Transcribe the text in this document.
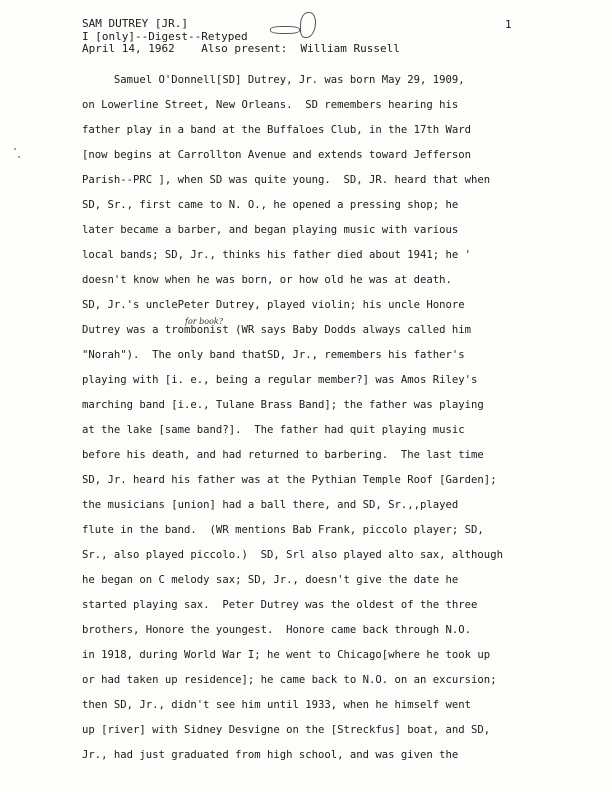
SAM DUTREY [JR.]
I [only]--Digest--Retyped
April 14, 1962    Also present:  William Russell
1
for book?
Samuel O'Donnell[SD] Dutrey, Jr. was born May 29, 1909,
on Lowerline Street, New Orleans.  SD remembers hearing his
father play in a band at the Buffaloes Club, in the 17th Ward
[now begins at Carrollton Avenue and extends toward Jefferson
Parish--PRC ], when SD was quite young.  SD, JR. heard that when
SD, Sr., first came to N. O., he opened a pressing shop; he
later became a barber, and began playing music with various
local bands; SD, Jr., thinks his father died about 1941; he '
doesn't know when he was born, or how old he was at death.
SD, Jr.'s unclePeter Dutrey, played violin; his uncle Honore
Dutrey was a trombonist (WR says Baby Dodds always called him
"Norah").  The only band thatSD, Jr., remembers his father's
playing with [i. e., being a regular member?] was Amos Riley's
marching band [i.e., Tulane Brass Band]; the father was playing
at the lake [same band?].  The father had quit playing music
before his death, and had returned to barbering.  The last time
SD, Jr. heard his father was at the Pythian Temple Roof [Garden];
the musicians [union] had a ball there, and SD, Sr.,,played
flute in the band.  (WR mentions Bab Frank, piccolo player; SD,
Sr., also played piccolo.)  SD, Srl also played alto sax, although
he began on C melody sax; SD, Jr., doesn't give the date he
started playing sax.  Peter Dutrey was the oldest of the three
brothers, Honore the youngest.  Honore came back through N.O.
in 1918, during World War I; he went to Chicago[where he took up
or had taken up residence]; he came back to N.O. on an excursion;
then SD, Jr., didn't see him until 1933, when he himself went
up [river] with Sidney Desvigne on the [Streckfus] boat, and SD,
Jr., had just graduated from high school, and was given the
